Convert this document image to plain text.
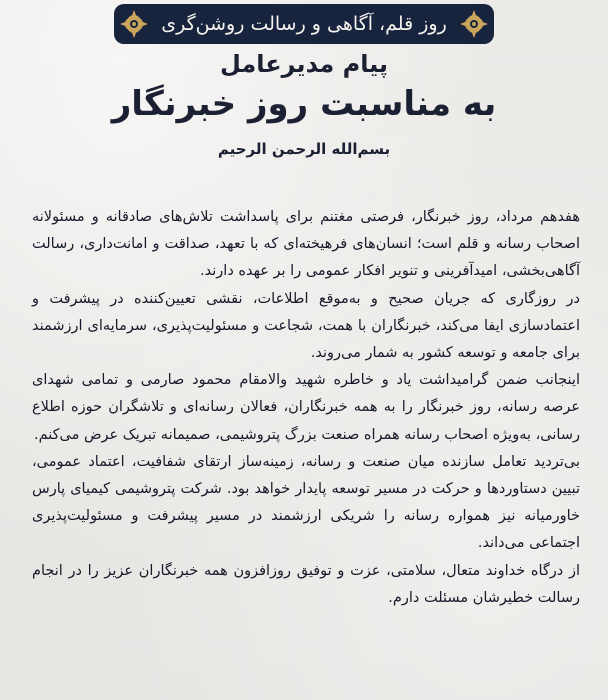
روز قلم، آگاهی و رسالت روشن‌گری
پیام مدیرعامل
به مناسبت روز خبرنگار
بسم‌الله الرحمن الرحیم

هفدهم مرداد، روز خبرنگار، فرصتی مغتنم برای پاسداشت تلاش‌های صادقانه و مسئولانه اصحاب رسانه و قلم است؛ انسان‌های فرهیخته‌ای که با تعهد، صداقت و امانت‌داری، رسالت آگاهی‌بخشی، امیدآفرینی و تنویر افکار عمومی را بر عهده دارند.

در روزگاری که جریان صحیح و به‌موقع اطلاعات، نقشی تعیین‌کننده در پیشرفت و اعتمادسازی ایفا می‌کند، خبرنگاران با همت، شجاعت و مسئولیت‌پذیری، سرمایه‌ای ارزشمند برای جامعه و توسعه کشور به شمار می‌روند.

اینجانب ضمن گرامیداشت یاد و خاطره شهید والامقام محمود صارمی و تمامی شهدای عرصه رسانه، روز خبرنگار را به همه خبرنگاران، فعالان رسانه‌ای و تلاشگران حوزه اطلاع رسانی، به‌ویژه اصحاب رسانه همراه صنعت بزرگ پتروشیمی، صمیمانه تبریک عرض می‌کنم.

بی‌تردید تعامل سازنده میان صنعت و رسانه، زمینه‌ساز ارتقای شفافیت، اعتماد عمومی، تبیین دستاوردها و حرکت در مسیر توسعه پایدار خواهد بود. شرکت پتروشیمی کیمیای پارس خاورمیانه نیز همواره رسانه را شریکی ارزشمند در مسیر پیشرفت و مسئولیت‌پذیری اجتماعی می‌داند.

از درگاه خداوند متعال، سلامتی، عزت و توفیق روزافزون همه خبرنگاران عزیز را در انجام رسالت خطیرشان مسئلت دارم.
